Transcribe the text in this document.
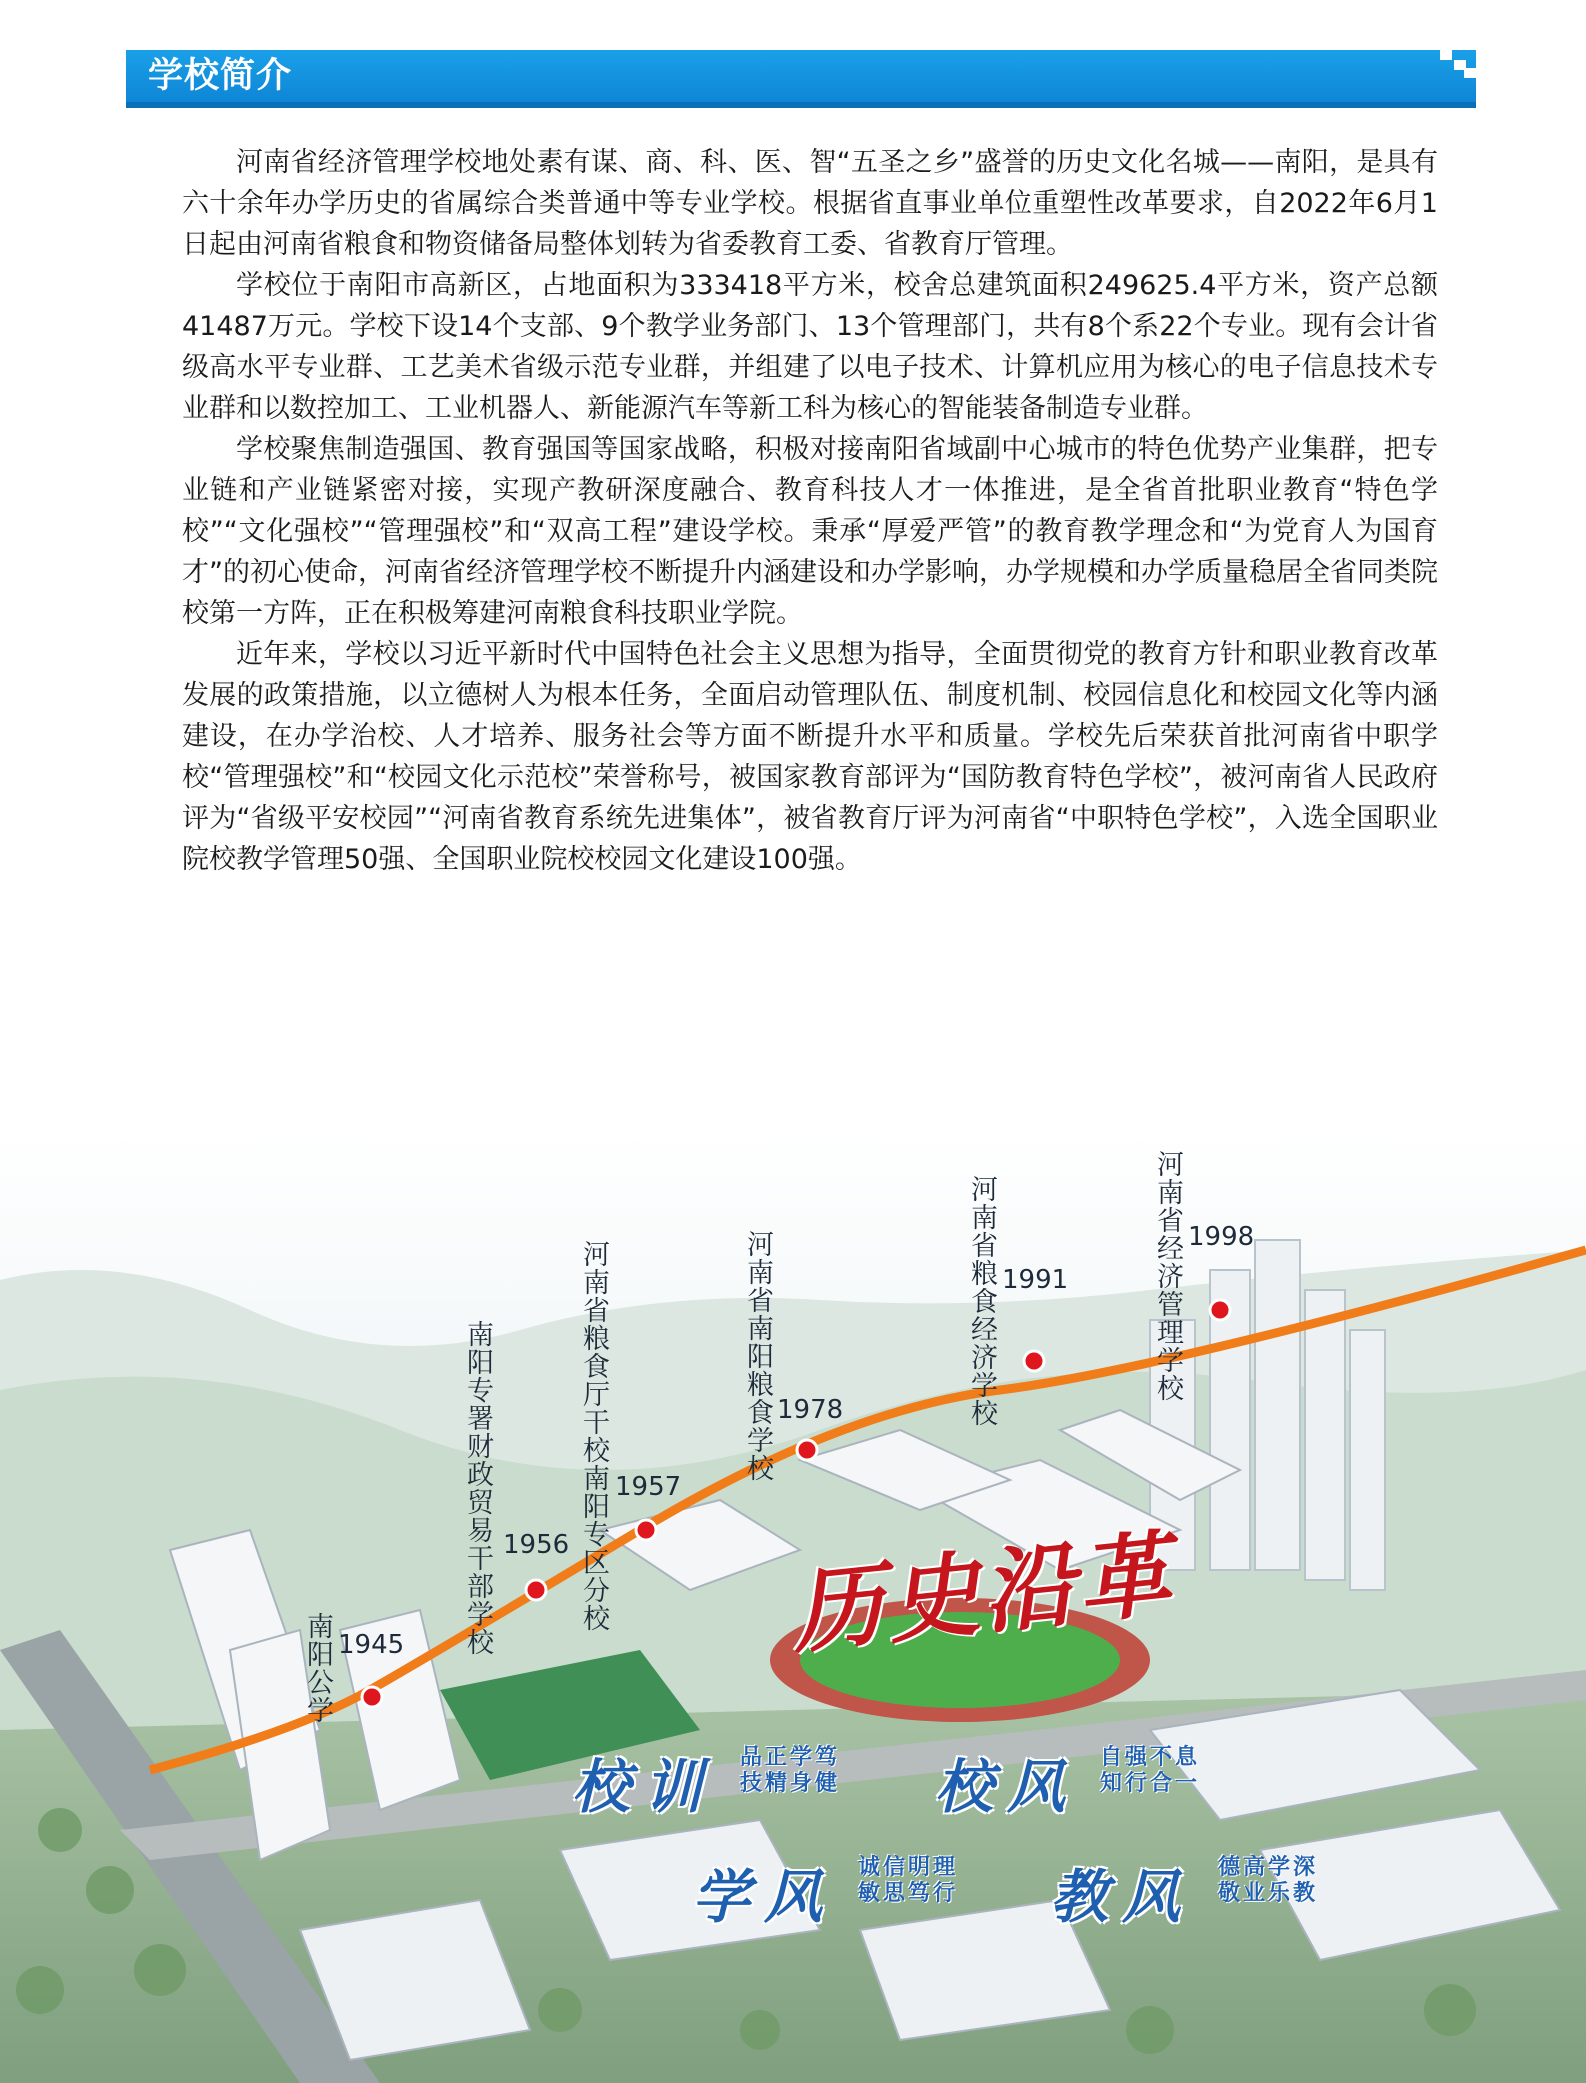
学校简介

河南省经济管理学校地处素有谋、商、科、医、智“五圣之乡”盛誉的历史文化名城——南阳，是具有六十余年办学历史的省属综合类普通中等专业学校。根据省直事业单位重塑性改革要求，自2022年6月1日起由河南省粮食和物资储备局整体划转为省委教育工委、省教育厅管理。

学校位于南阳市高新区，占地面积为333418平方米，校舍总建筑面积249625.4平方米，资产总额41487万元。学校下设14个支部、9个教学业务部门、13个管理部门，共有8个系22个专业。现有会计省级高水平专业群、工艺美术省级示范专业群，并组建了以电子技术、计算机应用为核心的电子信息技术专业群和以数控加工、工业机器人、新能源汽车等新工科为核心的智能装备制造专业群。

学校聚焦制造强国、教育强国等国家战略，积极对接南阳省域副中心城市的特色优势产业集群，把专业链和产业链紧密对接，实现产教研深度融合、教育科技人才一体推进，是全省首批职业教育“特色学校”“文化强校”“管理强校”和“双高工程”建设学校。秉承“厚爱严管”的教育教学理念和“为党育人为国育才”的初心使命，河南省经济管理学校不断提升内涵建设和办学影响，办学规模和办学质量稳居全省同类院校第一方阵，正在积极筹建河南粮食科技职业学院。

近年来，学校以习近平新时代中国特色社会主义思想为指导，全面贯彻党的教育方针和职业教育改革发展的政策措施，以立德树人为根本任务，全面启动管理队伍、制度机制、校园信息化和校园文化等内涵建设，在办学治校、人才培养、服务社会等方面不断提升水平和质量。学校先后荣获首批河南省中职学校“管理强校”和“校园文化示范校”荣誉称号，被国家教育部评为“国防教育特色学校”，被河南省人民政府评为“省级平安校园”“河南省教育系统先进集体”，被省教育厅评为河南省“中职特色学校”，入选全国职业院校教学管理50强、全国职业院校校园文化建设100强。

1945
1956
1957
1978
1991
1998
南阳公学
南阳专署财政贸易干部学校	河南省粮食厅干校南阳专区分校	河南省南阳粮食学校	河南省粮食经济学校	河南省经济管理学校
历史沿革
校训 品正学笃 技精身健	校风 自强不息 知行合一
学风 诚信明理 敏思笃行	教风 德高学深 敬业乐教
